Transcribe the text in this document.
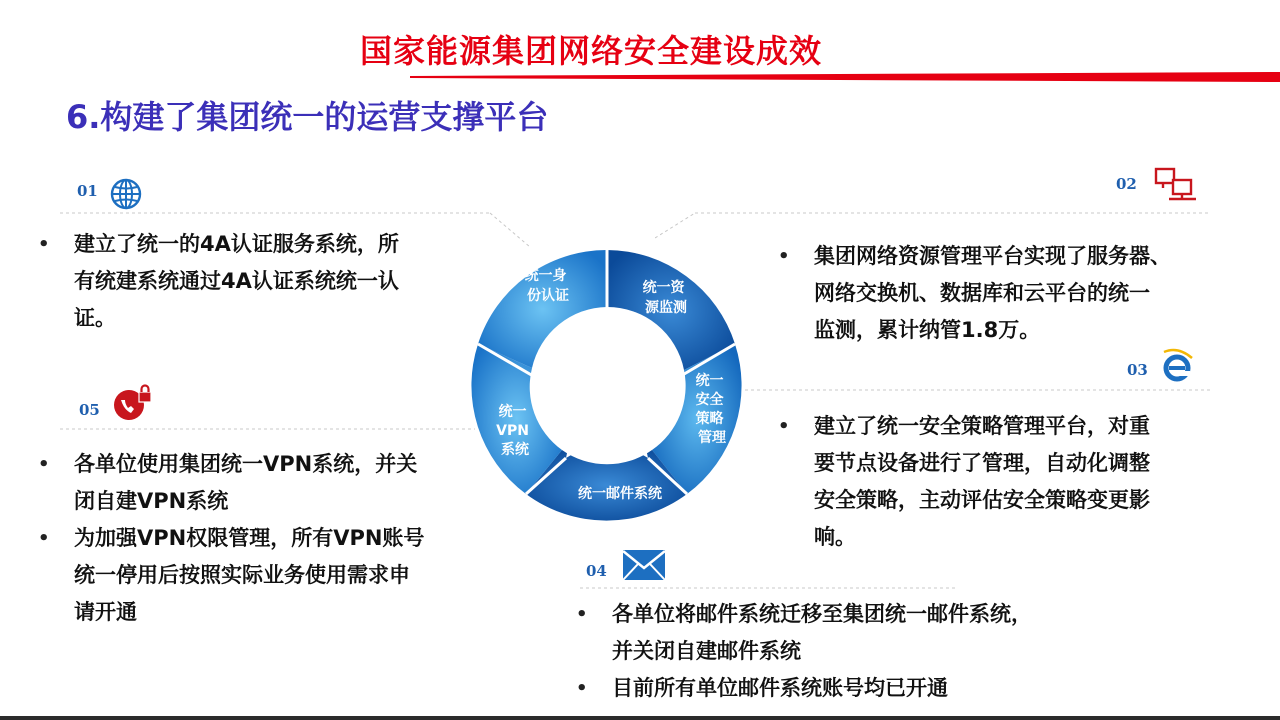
国家能源集团网络安全建设成效
6.构建了集团统一的运营支撑平台
01
• 建立了统一的4A认证服务系统，所
有统建系统通过4A认证系统统一认
证。
02
• 集团网络资源管理平台实现了服务器、
网络交换机、数据库和云平台的统一
监测，累计纳管1.8万。
03
• 建立了统一安全策略管理平台，对重
要节点设备进行了管理，自动化调整
安全策略，主动评估安全策略变更影
响。
04
• 各单位将邮件系统迁移至集团统一邮件系统，
并关闭自建邮件系统
• 目前所有单位邮件系统账号均已开通
05
• 各单位使用集团统一VPN系统，并关
闭自建VPN系统
• 为加强VPN权限管理，所有VPN账号
统一停用后按照实际业务使用需求申
请开通
统一身 份认证	统一资 源监测
统一 安全 策略 管理
统一邮件系统
统一 VPN 系统
